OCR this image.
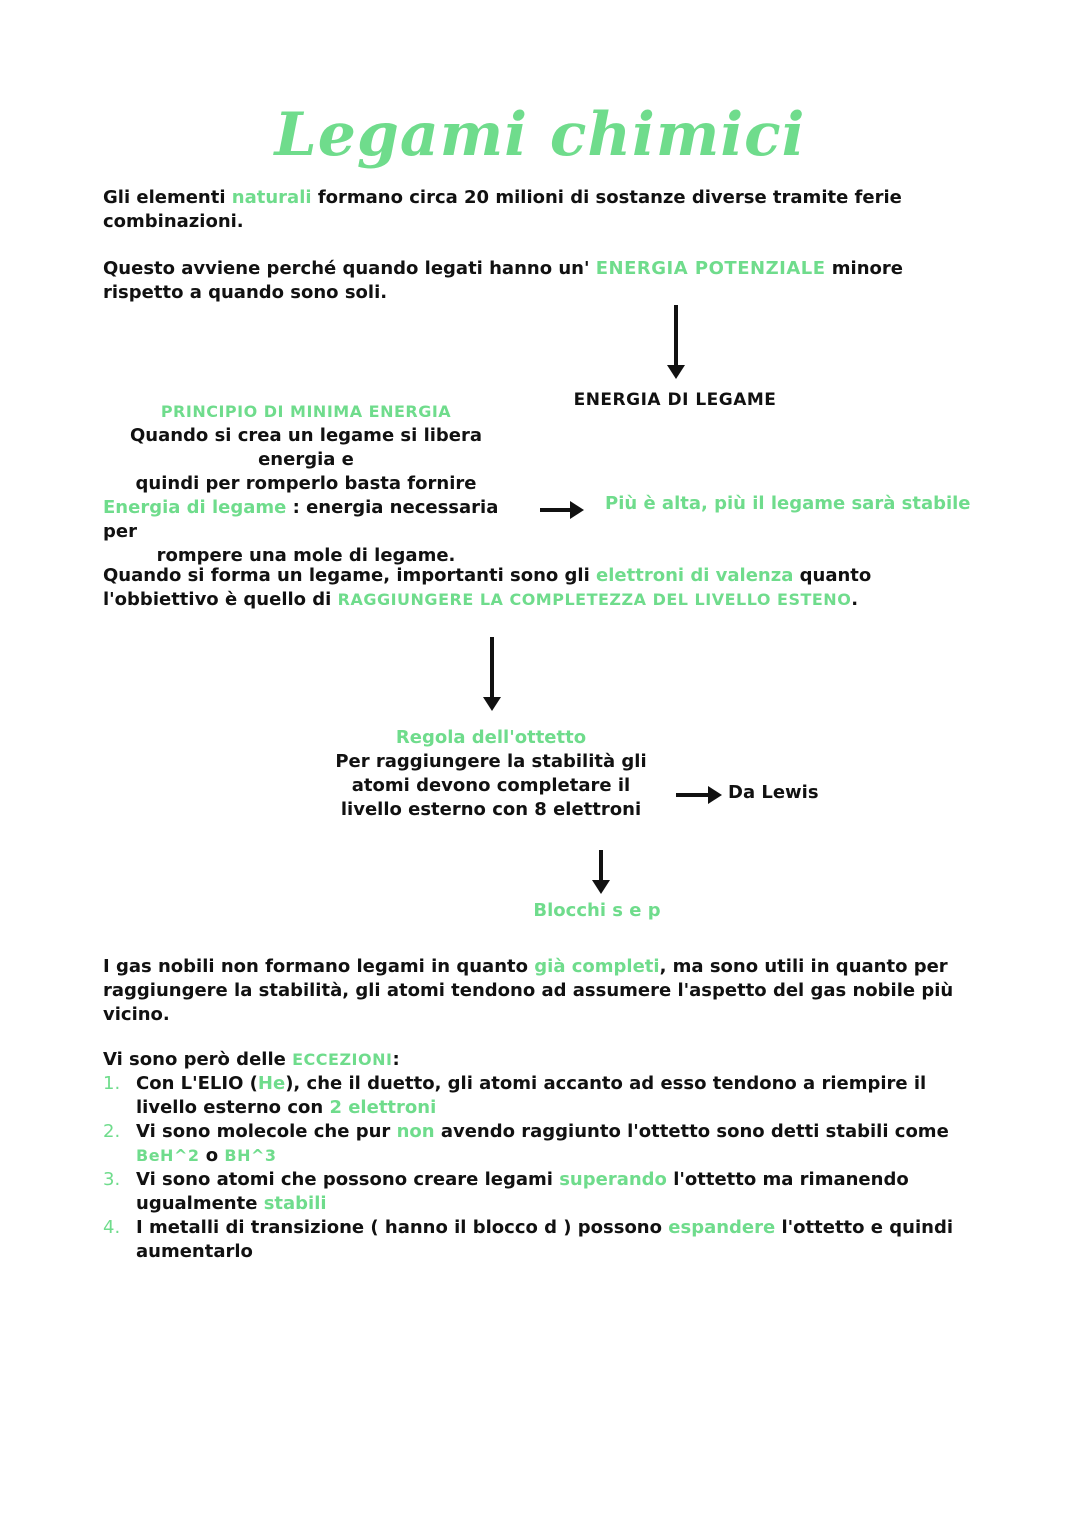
Legami chimici
Gli elementi naturali formano circa 20 milioni di sostanze diverse tramite ferie combinazioni.
Questo avviene perché quando legati hanno un' ENERGIA POTENZIALE minore rispetto a quando sono soli.
ENERGIA DI LEGAME
PRINCIPIO DI MINIMA ENERGIA
Quando si crea un legame si libera energia e
quindi per romperlo basta fornire
Energia di legame : energia necessaria per
rompere una mole di legame.
Più è alta, più il legame sarà stabile
Quando si forma un legame, importanti sono gli elettroni di valenza quanto l'obbiettivo è quello di RAGGIUNGERE LA COMPLETEZZA DEL LIVELLO ESTENO.
Regola dell'ottetto
Per raggiungere la stabilità gli
atomi devono completare il
livello esterno con 8 elettroni
Da Lewis
Blocchi s e p
I gas nobili non formano legami in quanto già completi, ma sono utili in quanto per raggiungere la stabilità, gli atomi tendono ad assumere l'aspetto del gas nobile più vicino.
Vi sono però delle ECCEZIONI:
1. Con L'ELIO (He), che il duetto, gli atomi accanto ad esso tendono a riempire il livello esterno con 2 elettroni
2. Vi sono molecole che pur non avendo raggiunto l'ottetto sono detti stabili come BeH^2 o BH^3
3. Vi sono atomi che possono creare legami superando l'ottetto ma rimanendo ugualmente stabili
4. I metalli di transizione ( hanno il blocco d ) possono espandere l'ottetto e quindi aumentarlo
